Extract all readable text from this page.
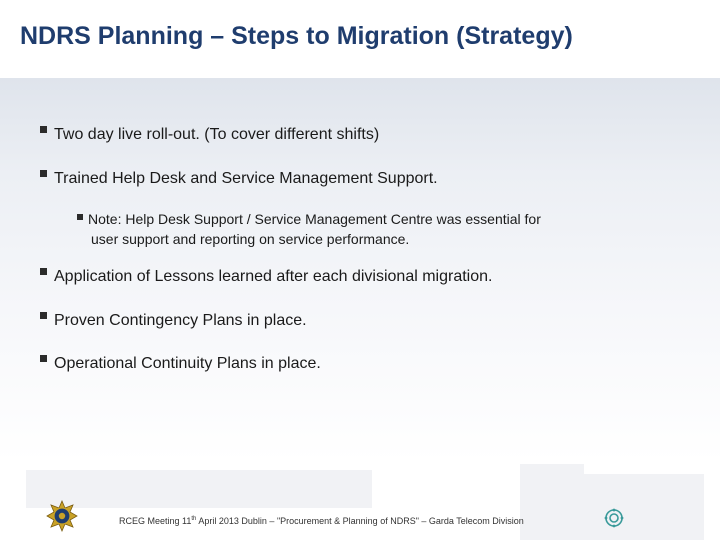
NDRS Planning – Steps to Migration (Strategy)
Two day live roll-out. (To cover different shifts)
Trained Help Desk and Service Management Support.
Note: Help Desk Support / Service Management Centre was essential for
user support and reporting on service performance.
Application of Lessons learned after each divisional migration.
Proven Contingency Plans in place.
Operational Continuity Plans in place.
RCEG Meeting 11th April 2013 Dublin – "Procurement & Planning of NDRS" – Garda Telecom Division
